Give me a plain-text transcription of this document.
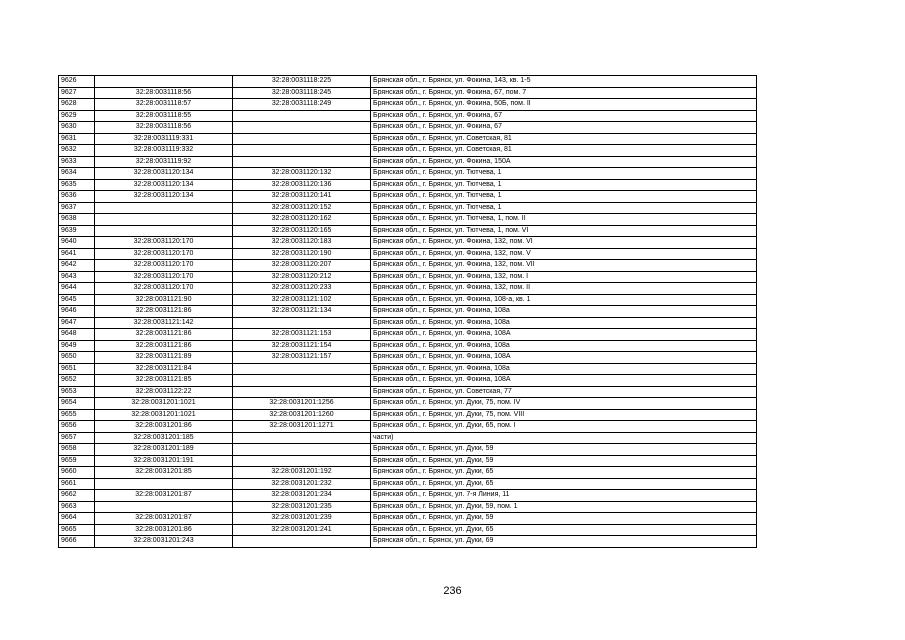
9626		32:28:0031118:225	Брянская обл., г. Брянск, ул. Фокина, 143, кв. 1-5
9627	32:28:0031118:56	32:28:0031118:245	Брянская обл., г. Брянск, ул. Фокина, 67, пом. 7
9628	32:28:0031118:57	32:28:0031118:249	Брянская обл., г. Брянск, ул. Фокина, 50Б, пом. II
9629	32:28:0031118:55		Брянская обл., г. Брянск, ул. Фокина, 67
9630	32:28:0031118:56		Брянская обл., г. Брянск, ул. Фокина, 67
9631	32:28:0031119:331		Брянская обл., г. Брянск, ул. Советская, 81
9632	32:28:0031119:332		Брянская обл., г. Брянск, ул. Советская, 81
9633	32:28:0031119:92		Брянская обл., г. Брянск, ул. Фокина, 150А
9634	32:28:0031120:134	32:28:0031120:132	Брянская обл., г. Брянск, ул. Тютчева, 1
9635	32:28:0031120:134	32:28:0031120:136	Брянская обл., г. Брянск, ул. Тютчева, 1
9636	32:28:0031120:134	32:28:0031120:141	Брянская обл., г. Брянск, ул. Тютчева, 1
9637		32:28:0031120:152	Брянская обл., г. Брянск, ул. Тютчева, 1
9638		32:28:0031120:162	Брянская обл., г. Брянск, ул. Тютчева, 1, пом. II
9639		32:28:0031120:165	Брянская обл., г. Брянск, ул. Тютчева, 1, пом. VI
9640	32:28:0031120:170	32:28:0031120:183	Брянская обл., г. Брянск, ул. Фокина, 132, пом. VI
9641	32:28:0031120:170	32:28:0031120:190	Брянская обл., г. Брянск, ул. Фокина, 132, пом. V
9642	32:28:0031120:170	32:28:0031120:207	Брянская обл., г. Брянск, ул. Фокина, 132, пом. VII
9643	32:28:0031120:170	32:28:0031120:212	Брянская обл., г. Брянск, ул. Фокина, 132, пом. I
9644	32:28:0031120:170	32:28:0031120:233	Брянская обл., г. Брянск, ул. Фокина, 132, пом. II
9645	32:28:0031121:90	32:28:0031121:102	Брянская обл., г. Брянск, ул. Фокина, 108-а, кв. 1
9646	32:28:0031121:86	32:28:0031121:134	Брянская обл., г. Брянск, ул. Фокина, 108а
9647	32:28:0031121:142		Брянская обл., г. Брянск, ул. Фокина, 108а
9648	32:28:0031121:86	32:28:0031121:153	Брянская обл., г. Брянск, ул. Фокина, 108А
9649	32:28:0031121:86	32:28:0031121:154	Брянская обл., г. Брянск, ул. Фокина, 108а
9650	32:28:0031121:89	32:28:0031121:157	Брянская обл., г. Брянск, ул. Фокина, 108А
9651	32:28:0031121:84		Брянская обл., г. Брянск, ул. Фокина, 108а
9652	32:28:0031121:85		Брянская обл., г. Брянск, ул. Фокина, 108А
9653	32:28:0031122:22		Брянская обл., г. Брянск, ул. Советская, 77
9654	32:28:0031201:1021	32:28:0031201:1256	Брянская обл., г. Брянск, ул. Дуки, 75, пом. IV
9655	32:28:0031201:1021	32:28:0031201:1260	Брянская обл., г. Брянск, ул. Дуки, 75, пом. VIII
9656	32:28:0031201:86	32:28:0031201:1271	Брянская обл., г. Брянск, ул. Дуки, 65, пом. I
9657	32:28:0031201:185		части)
9658	32:28:0031201:189		Брянская обл., г. Брянск, ул. Дуки, 59
9659	32:28:0031201:191		Брянская обл., г. Брянск, ул. Дуки, 59
9660	32:28:0031201:85	32:28:0031201:192	Брянская обл., г. Брянск, ул. Дуки, 65
9661		32:28:0031201:232	Брянская обл., г. Брянск, ул. Дуки, 65
9662	32:28:0031201:87	32:28:0031201:234	Брянская обл., г. Брянск, ул. 7-я Линия, 11
9663		32:28:0031201:235	Брянская обл., г. Брянск, ул. Дуки, 59, пом. 1
9664	32:28:0031201:87	32:28:0031201:239	Брянская обл., г. Брянск, ул. Дуки, 59
9665	32:28:0031201:86	32:28:0031201:241	Брянская обл., г. Брянск, ул. Дуки, 65
9666	32:28:0031201:243		Брянская обл., г. Брянск, ул. Дуки, 69
236
